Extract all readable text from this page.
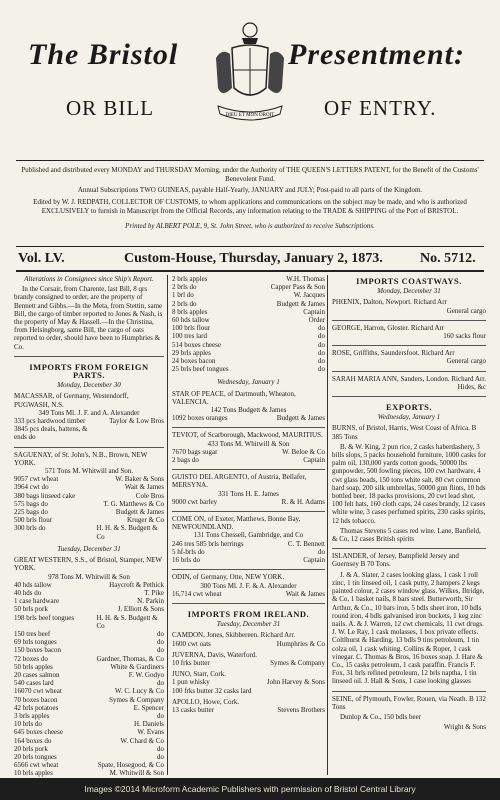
The Bristol	Presentment:
OR BILL	OF ENTRY.
DIEU ET MON DROIT
Published and distributed every MONDAY and THURSDAY Morning, under the Authority of THE QUEEN'S LETTERS PATENT, for the Benefit of the Customs' Benevolent Fund.
Annual Subscriptions TWO GUINEAS, payable Half-Yearly, JANUARY and JULY; Post-paid to all parts of the Kingdom.
Edited by W. J. REDPATH, COLLECTOR OF CUSTOMS, to whom applications and communications on the subject may be made, and who is authorized EXCLUSIVELY to furnish in Manuscript from the Official Records, any information relating to the TRADE & SHIPPING of the Port of BRISTOL.
Printed by ALBERT POLE, 9, St. John Street, who is authorized to receive Subscriptions.
Vol. LV.	Custom-House, Thursday, January 2, 1873.	No. 5712.
Alterations in Consignees since Ship's Report.
In the Corsair, from Charente, last Bill, 8 qrs brandy consigned to order, are the property of Bennett and Gibbs.—In the Meta, from Stettin, same Bill, the cargo of timber reported to Jones & Nash, is the property of May & Hassell.—In the Christina, from Helsingborg, same Bill, the cargo of oats reported to order, should have been to Humphries & Co.
IMPORTS FROM FOREIGN PARTS.
Monday, December 30
MACASSAR, of Germany, Westendorff, PUGWASH, N.S.
349 Tons Ml. J. F. and A. Alexander
333 pcs hardwood timber	Taylor & Low Bros
3845 pcs deals, battens, & ends do
SAGUENAY, of St. John's, N.B., Brown, NEW YORK.
571 Tons M. Whitwill and Son.
9057 cwt wheat	W. Baker & Sons
3964 cwt do	Wait & James
380 bags linseed cake	Cole Bros
575 bags do	T. G. Matthews & Co
225 bags do	Budgett & James
500 brls flour	Kruger & Co
300 brls do	H. H. & S. Budgett & Co
Tuesday, December 31
GREAT WESTERN, S.S., of Bristol, Stamper, NEW YORK.
978 Tons M. Whitwill & Son
40 hds tallow	Haycroft & Pethick
40 hds do	T. Pike
1 case hardware	N. Parkin
50 brls pork	J. Elliott & Sons
198 brls beef tongues	H. H. & S. Budgett & Co
150 tres beef	do
69 brls tongues	do
150 boxes bacon	do
72 boxes do	Gardner, Thomas, & Co
50 brls apples	White & Gardiners
20 cases salmon	F. W. Godyo
540 cases lard	do
16070 cwt wheat	W. C. Lucy & Co
70 boxes bacon	Symes & Company
42 brls potatoes	E. Spencer
3 brls apples	do
10 brls do	H. Daniels
645 boxes cheese	W. Evans
164 boxes do	W. Chard & Co
20 brls pork	do
20 brls tongues	do
6566 cwt wheat	Spate, Hosegood, & Co
10 brls apples	M. Whitwill & Son
2 brls apples	W.H. Thomas
2 brls do	Capper Pass & Son
1 brl do	W. Jacques
2 brls do	Budgett & James
8 brls apples	Captain
60 hds tallow	Order
100 brls flour	do
100 tres lard	do
514 boxes cheese	do
29 brls apples	do
24 boxes bacon	do
25 brls beef tongues	do
Wednesday, January 1
STAR OF PEACE, of Dartmouth, Wheaton, VALENCIA.
142 Tons Budgett & James
1092 boxes oranges	Budgett & James
TEVIOT, of Scarborough, Mackwood, MAURITIUS.
433 Tons M. Whitwill & Son
7670 bags sugar	W. Beloe & Co
2 bags do	Captain
GUISTO DEL ARGENTO, of Austria, Bellafer, MERSYNA.
331 Tons H. E. James
9000 cwt barley	R. & H. Adams
COME ON, of Exeter, Matthews, Bonne Bay, NEWFOUNDLAND.
131 Tons Chessell, Gambridge, and Co
246 tres 585 brls herrings	C. T. Bennett
5 hf-brls do	do
16 brls do	Captain
ODIN, of Germany, Otte, NEW YORK.
300 Tons Ml. J. F. & A. Alexander
16,714 cwt wheat	Wait & James
IMPORTS FROM IRELAND.
Tuesday, December 31
CAMDON, Jones, Skibbereen. Richard Arr.
1600 cwt oats	Humphries & Co
JUVERNA, Davis, Waterford.
10 frks butter	Symes & Company
JUNO, Starr, Cork.
1 pun whisky	John Harvey & Sons
100 frks butter 32 casks lard
APOLLO, Howe, Cork.
13 casks butter	Stevens Brothers
IMPORTS COASTWAYS.
Monday, December 31
PHŒNIX, Dalton, Newport. Richard Arr
General cargo
GEORGE, Harron, Gloster. Richard Arr
160 sacks flour
ROSE, Griffiths, Saundersfoot. Richard Arr
General cargo
SARAH MARIA ANN, Sanders, London. Richard Arr.
Hides, &c
EXPORTS.
Wednesday, January 1
BURNS, of Bristol, Harris, West Coast of Africa. B 385 Tons
B. & W. King, 2 pun rice, 2 casks haberdashery, 3 bills slops, 5 packs household furniture, 1000 casks for palm oil, 130,000 yards cotton goods, 50000 lbs gunpowder, 500 fowling pieces, 100 cwt hardware, 4 cwt glass beads, 150 tons white salt, 80 cwt common hard soap, 200 silk umbrellas, 50000 gun flints, 10 hds bottled beer, 18 packs provisions, 20 cwt lead shot, 100 felt hats, 160 cloth caps, 24 cases brandy, 12 cases white wine, 3 cases perfumed spirits, 230 casks spirits, 12 hds tobacco.
Thomas Stevens 5 cases red wine. Lane, Banfield, & Co, 12 cases British spirits
ISLANDER, of Jersey, Bampfield Jersey and Guernsey B 70 Tons.
J. & A. Slater, 2 cases looking glass, 1 cask 1 roll zinc, 1 tin linseed oil, 1 cask putty, 2 hampers 2 kegs painted colour, 2 cases window glass. Wilkes, Iltridge, & Co, 1 basket nails, 8 bars steel. Butterworth, Sir Arthur, & Co., 10 bars iron, 5 bdls sheet iron, 10 bdls round iron, 4 bdls galvanised iron buckets, 1 keg zinc nails. A. & J. Warren, 12 cwt chemicals, 11 cwt drugs. J. W. Le Ray, 1 cask molasses, 1 box private effects. Coltlhurst & Harding, 13 bdls 9 tins petroleum, 1 tin colza oil, 1 cask whiting. Collins & Roper, 1 cask vinegar. C. Thomas & Bros, 16 boxes soap. J. Hare & Co., 15 casks petroleum, 1 cask paraffin. Francis F. Fox, 31 brls refined petroleum, 12 brls naptha, 1 tin linseed oil. J. Hall & Sons, 1 case looking glasses
SEINE, of Plymouth, Fowler, Rouen, via Neath. B 132 Tons
Dunlop & Co., 150 bdls beer
Wright & Sons
Images ©2014 Microform Academic Publishers with permission of Bristol Central Library
